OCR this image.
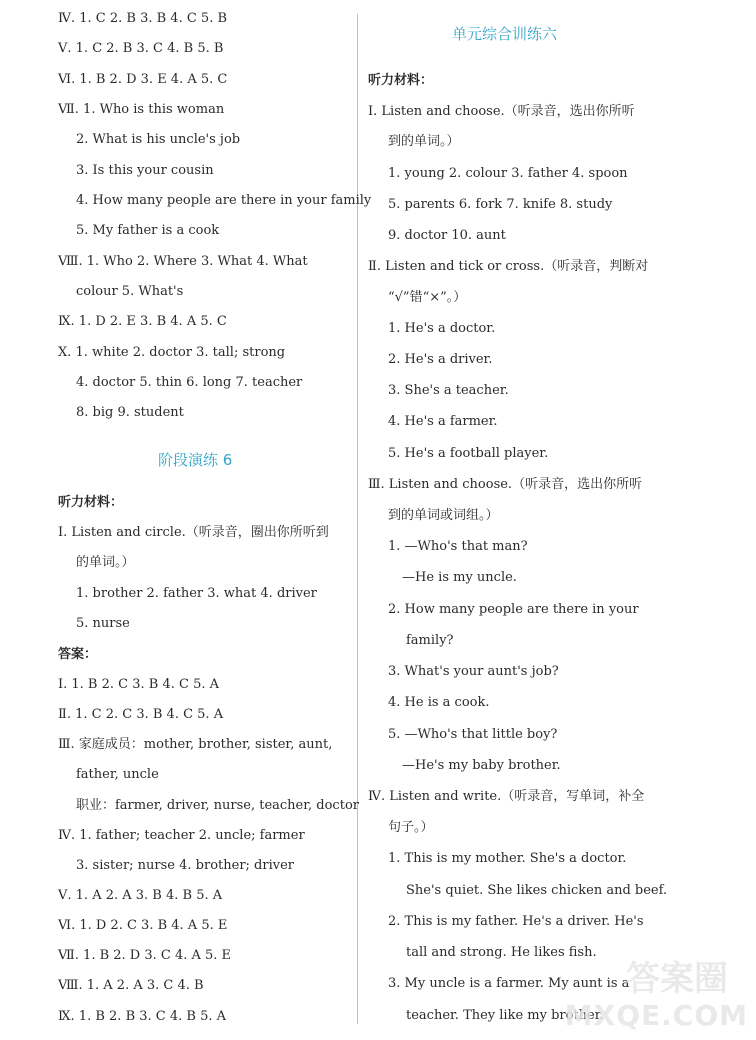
Ⅳ. 1. C 2. B 3. B 4. C 5. B
Ⅴ. 1. C 2. B 3. C 4. B 5. B
Ⅵ. 1. B 2. D 3. E 4. A 5. C
Ⅶ. 1. Who is this woman
2. What is his uncle's job
3. Is this your cousin
4. How many people are there in your family
5. My father is a cook
Ⅷ. 1. Who 2. Where 3. What 4. What
colour 5. What's
Ⅸ. 1. D 2. E 3. B 4. A 5. C
Ⅹ. 1. white 2. doctor 3. tall; strong
4. doctor 5. thin 6. long 7. teacher
8. big 9. student
阶段演练 6
听力材料：
Ⅰ. Listen and circle.（听录音，圈出你所听到
的单词。）
1. brother 2. father 3. what 4. driver
5. nurse
答案：
Ⅰ. 1. B 2. C 3. B 4. C 5. A
Ⅱ. 1. C 2. C 3. B 4. C 5. A
Ⅲ. 家庭成员：mother, brother, sister, aunt,
father, uncle
职业：farmer, driver, nurse, teacher, doctor
Ⅳ. 1. father; teacher 2. uncle; farmer
3. sister; nurse 4. brother; driver
Ⅴ. 1. A 2. A 3. B 4. B 5. A
Ⅵ. 1. D 2. C 3. B 4. A 5. E
Ⅶ. 1. B 2. D 3. C 4. A 5. E
Ⅷ. 1. A 2. A 3. C 4. B
Ⅸ. 1. B 2. B 3. C 4. B 5. A
单元综合训练六
听力材料：
Ⅰ. Listen and choose.（听录音，选出你所听
到的单词。）
1. young 2. colour 3. father 4. spoon
5. parents 6. fork 7. knife 8. study
9. doctor 10. aunt
Ⅱ. Listen and tick or cross.（听录音，判断对
“√”错“×”。）
1. He's a doctor.
2. He's a driver.
3. She's a teacher.
4. He's a farmer.
5. He's a football player.
Ⅲ. Listen and choose.（听录音，选出你所听
到的单词或词组。）
1. —Who's that man?
—He is my uncle.
2. How many people are there in your
family?
3. What's your aunt's job?
4. He is a cook.
5. —Who's that little boy?
—He's my baby brother.
Ⅳ. Listen and write.（听录音，写单词，补全
句子。）
1. This is my mother. She's a doctor.
She's quiet. She likes chicken and beef.
2. This is my father. He's a driver. He's
tall and strong. He likes fish.
3. My uncle is a farmer. My aunt is a
teacher. They like my brother.
答案圈
MXQE.COM
